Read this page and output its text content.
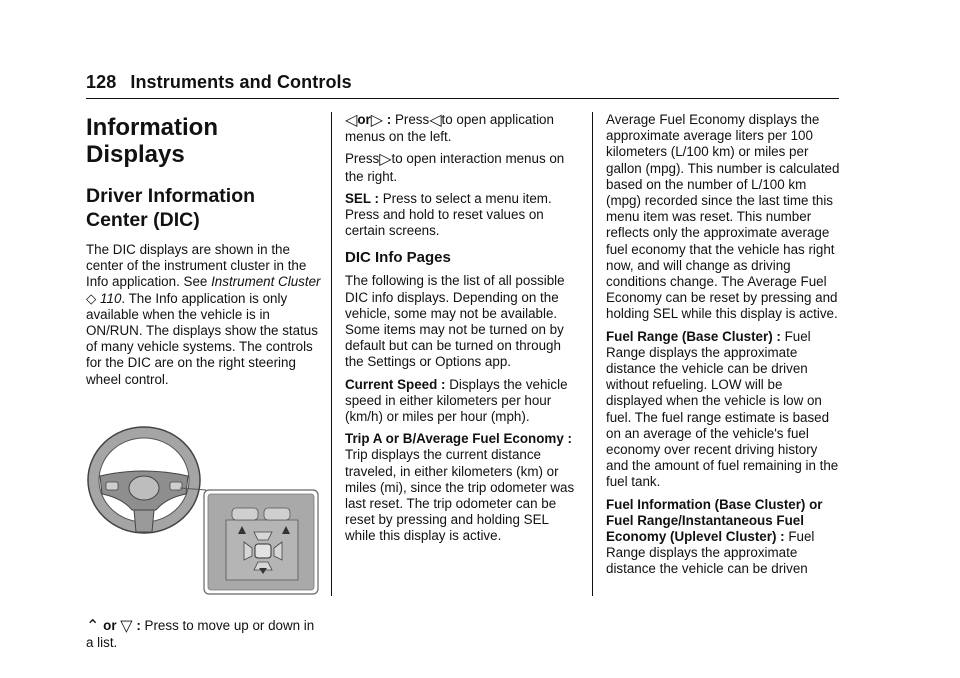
128 Instruments and Controls
Information Displays
Driver Information Center (DIC)

The DIC displays are shown in the center of the instrument cluster in the Info application. See Instrument Cluster ◇ 110. The Info application is only available when the vehicle is in ON/RUN. The displays show the status of many vehicle systems. The controls for the DIC are on the right steering wheel control.

⌃ or ▽ : Press to move up or down in a list.

◁or▷ : Press◁to open application menus on the left.

Press▷to open interaction menus on the right.

SEL : Press to select a menu item. Press and hold to reset values on certain screens.

DIC Info Pages

The following is the list of all possible DIC info displays. Depending on the vehicle, some may not be available. Some items may not be turned on by default but can be turned on through the Settings or Options app.

Current Speed : Displays the vehicle speed in either kilometers per hour (km/h) or miles per hour (mph).

Trip A or B/Average Fuel Economy : Trip displays the current distance traveled, in either kilometers (km) or miles (mi), since the trip odometer was last reset. The trip odometer can be reset by pressing and holding SEL while this display is active.

Average Fuel Economy displays the approximate average liters per 100 kilometers (L/100 km) or miles per gallon (mpg). This number is calculated based on the number of L/100 km (mpg) recorded since the last time this menu item was reset. This number reflects only the approximate average fuel economy that the vehicle has right now, and will change as driving conditions change. The Average Fuel Economy can be reset by pressing and holding SEL while this display is active.

Fuel Range (Base Cluster) : Fuel Range displays the approximate distance the vehicle can be driven without refueling. LOW will be displayed when the vehicle is low on fuel. The fuel range estimate is based on an average of the vehicle's fuel economy over recent driving history and the amount of fuel remaining in the fuel tank.

Fuel Information (Base Cluster) or Fuel Range/Instantaneous Fuel Economy (Uplevel Cluster) : Fuel Range displays the approximate distance the vehicle can be driven
